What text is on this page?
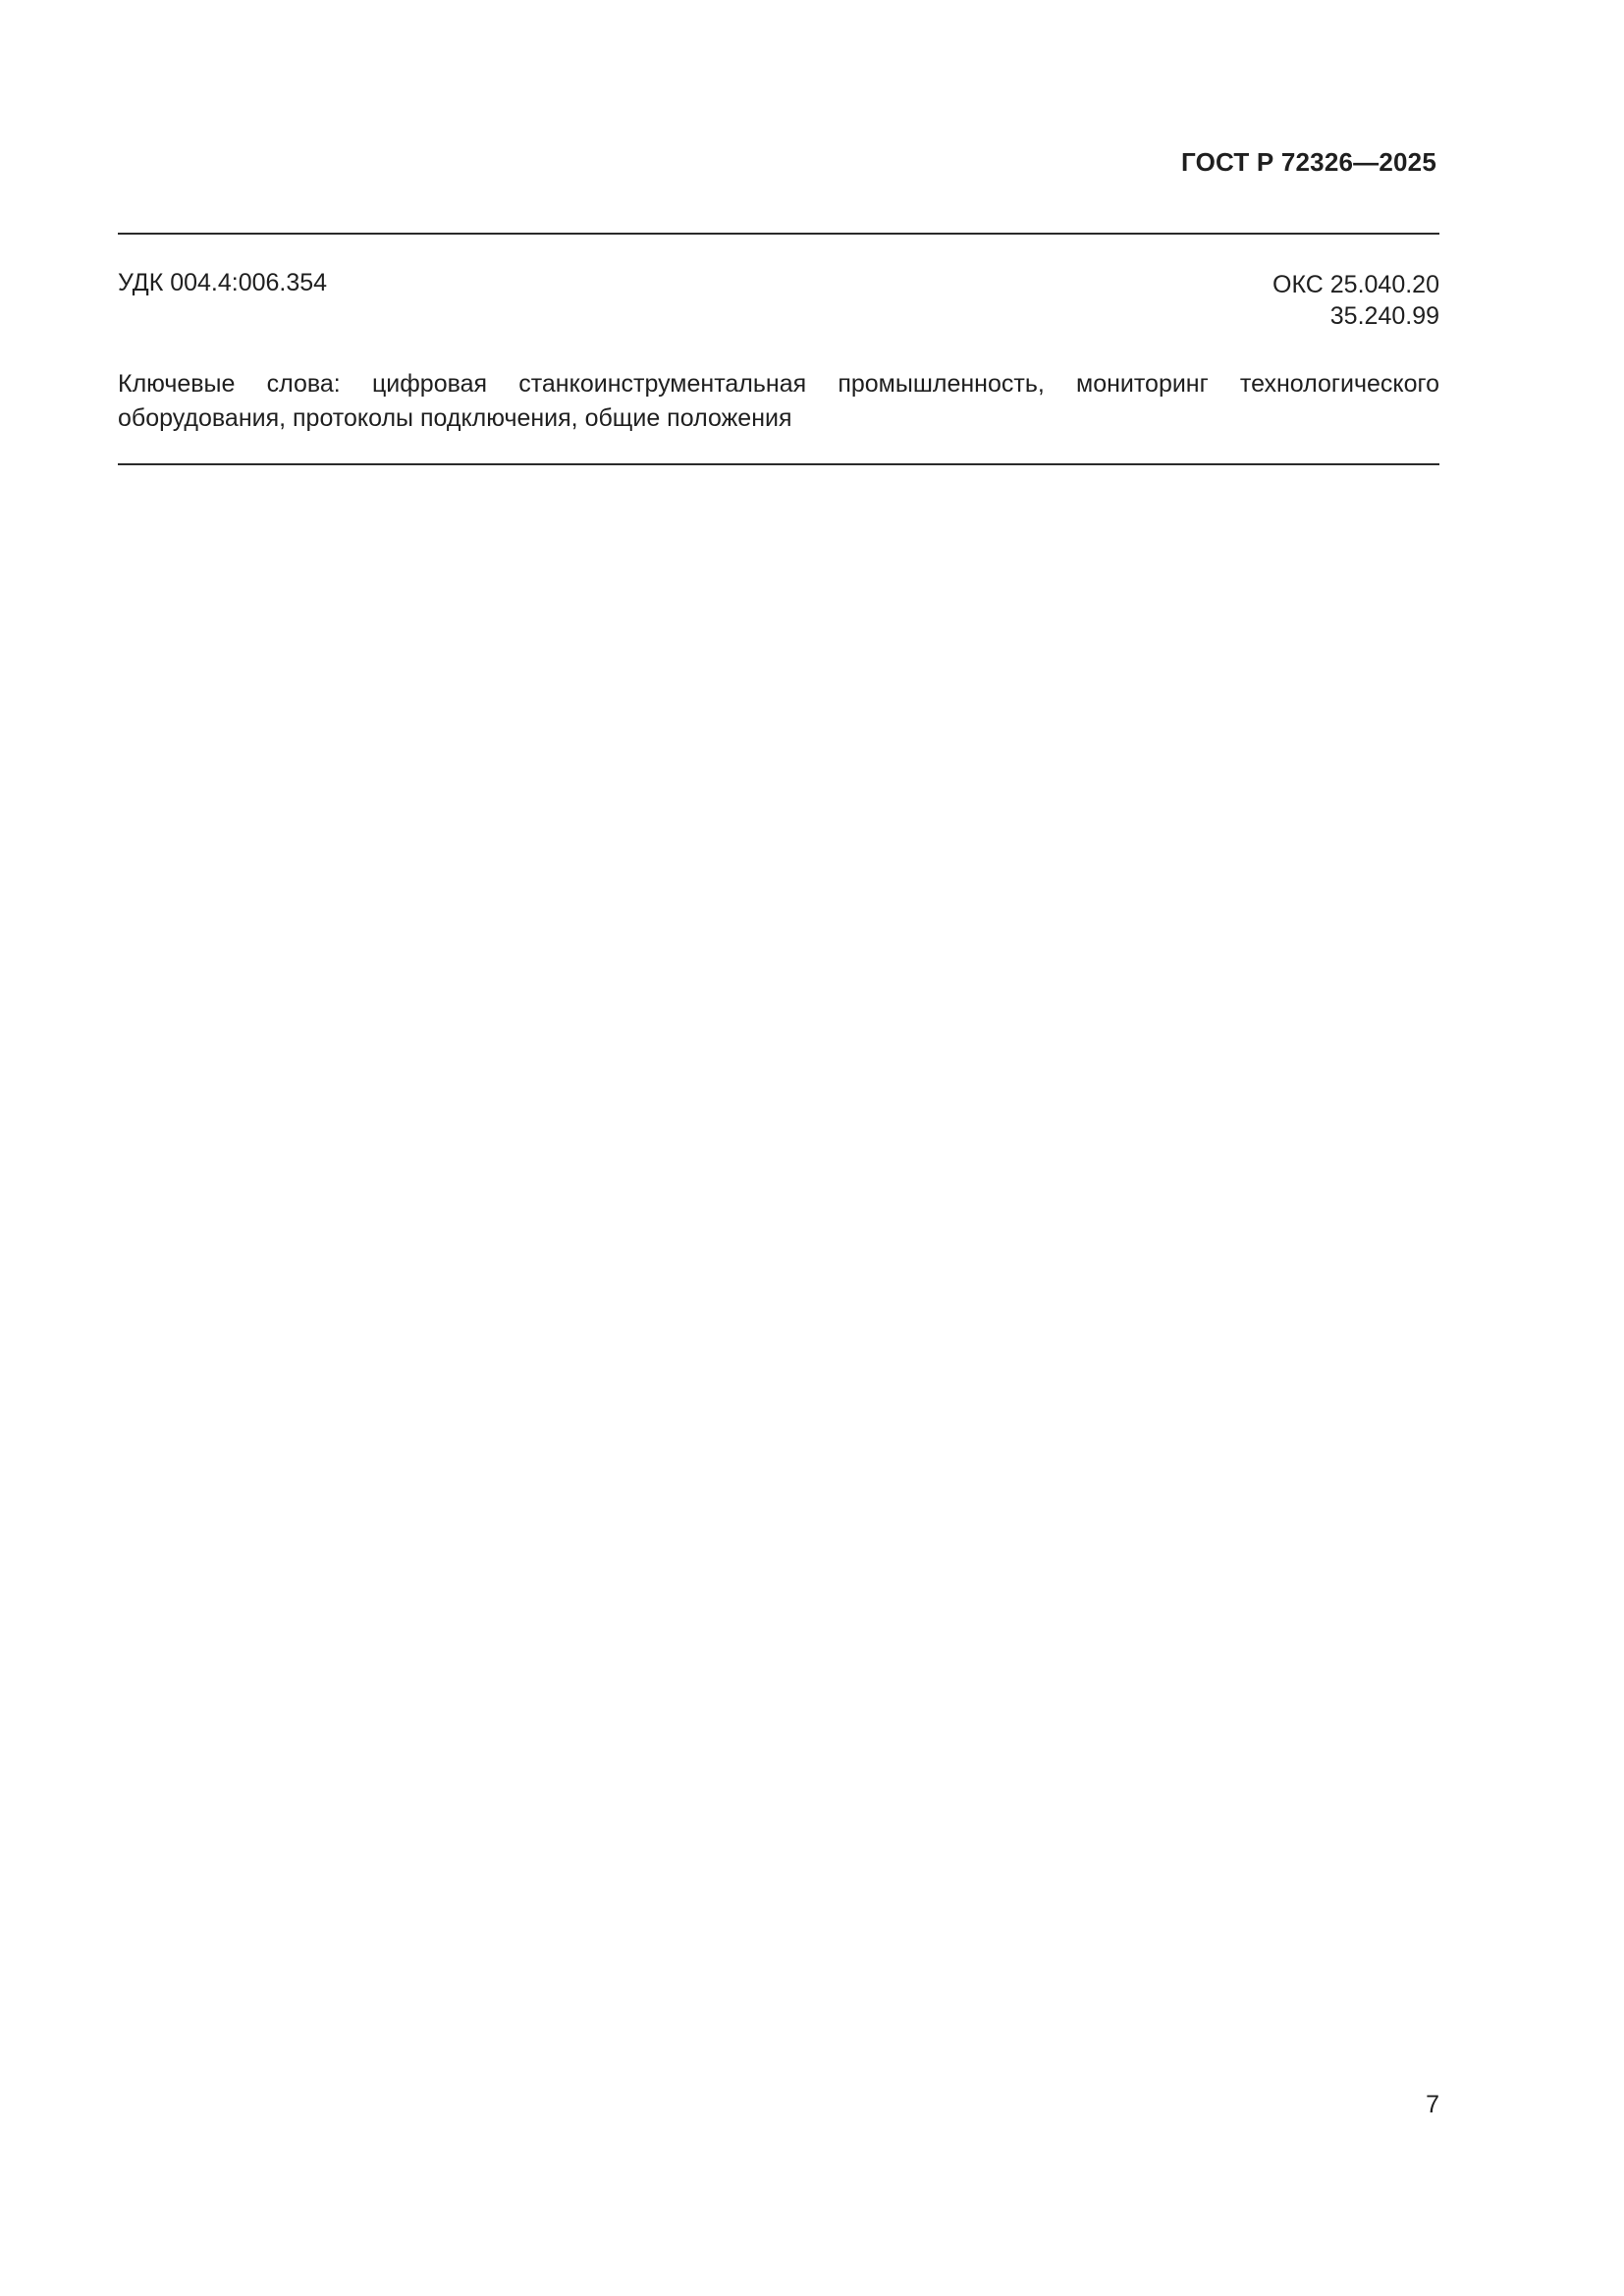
ГОСТ Р 72326—2025
УДК 004.4:006.354	ОКС 25.040.20
35.240.99

Ключевые слова: цифровая станкоинструментальная промышленность, мониторинг технологического оборудования, протоколы подключения, общие положения

7
